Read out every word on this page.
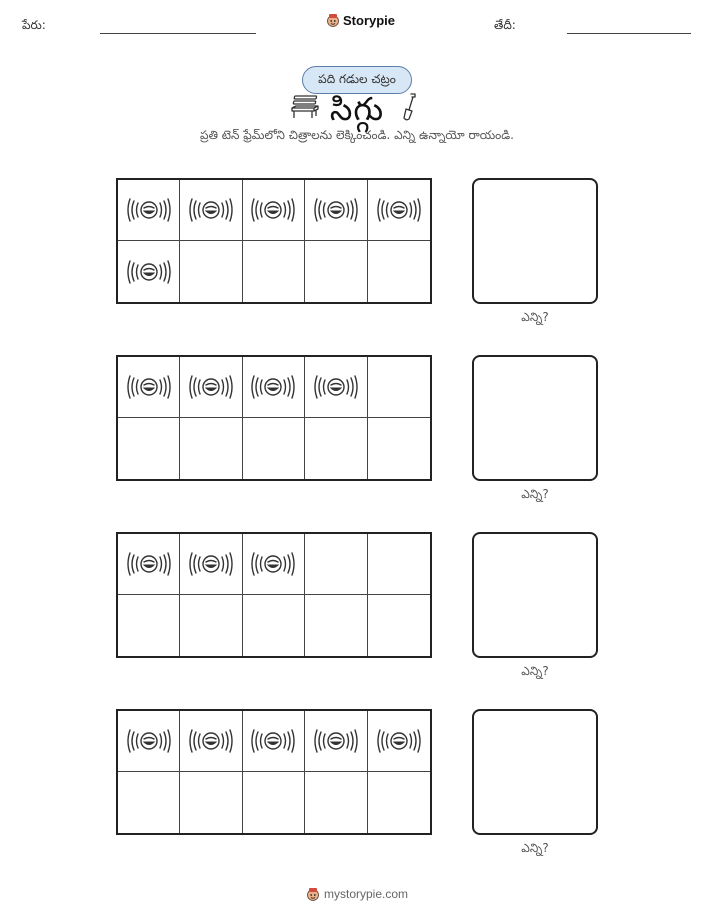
పేరు:	Storypie	తేదీ:
పది గడుల చట్రం
సిగ్గు
ప్రతి టెన్ ఫ్రేమ్‌లోని చిత్రాలను లెక్కించండి. ఎన్ని ఉన్నాయో రాయండి.
ఎన్ని?
ఎన్ని?
ఎన్ని?
ఎన్ని?
mystorypie.com
